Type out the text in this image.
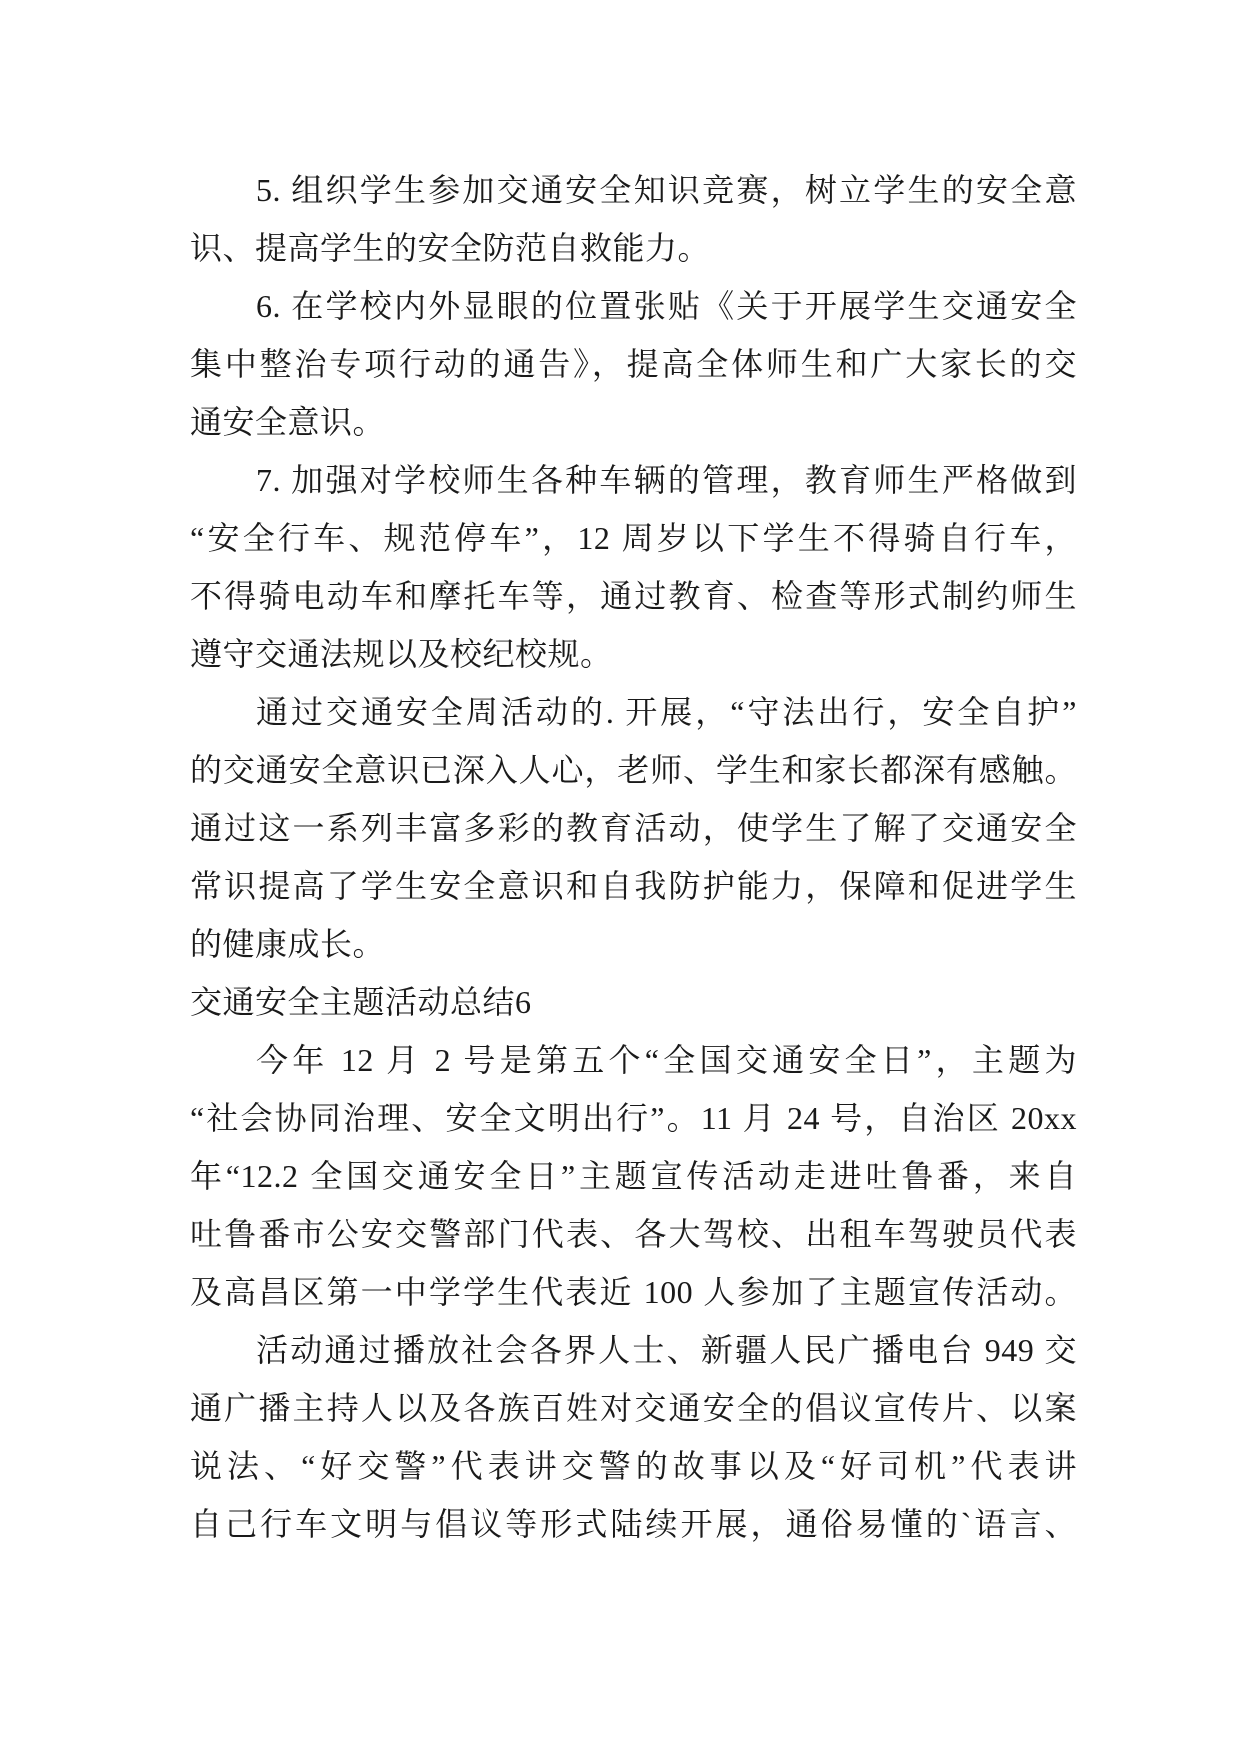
5. 组织学生参加交通安全知识竞赛，树立学生的安全意
识、提高学生的安全防范自救能力。
6. 在学校内外显眼的位置张贴《关于开展学生交通安全
集中整治专项行动的通告》，提高全体师生和广大家长的交
通安全意识。
7. 加强对学校师生各种车辆的管理，教育师生严格做到
“安全行车、规范停车”，12 周岁以下学生不得骑自行车，
不得骑电动车和摩托车等，通过教育、检查等形式制约师生
遵守交通法规以及校纪校规。
通过交通安全周活动的. 开展，“守法出行，安全自护”
的交通安全意识已深入人心，老师、学生和家长都深有感触。
通过这一系列丰富多彩的教育活动，使学生了解了交通安全
常识提高了学生安全意识和自我防护能力，保障和促进学生
的健康成长。
交通安全主题活动总结6
今年 12 月 2 号是第五个“全国交通安全日”，主题为
“社会协同治理、安全文明出行”。11 月 24 号，自治区 20xx
年“12.2 全国交通安全日”主题宣传活动走进吐鲁番，来自
吐鲁番市公安交警部门代表、各大驾校、出租车驾驶员代表
及高昌区第一中学学生代表近 100 人参加了主题宣传活动。
活动通过播放社会各界人士、新疆人民广播电台 949 交
通广播主持人以及各族百姓对交通安全的倡议宣传片、以案
说法、“好交警”代表讲交警的故事以及“好司机”代表讲
自己行车文明与倡议等形式陆续开展，通俗易懂的`语言、
